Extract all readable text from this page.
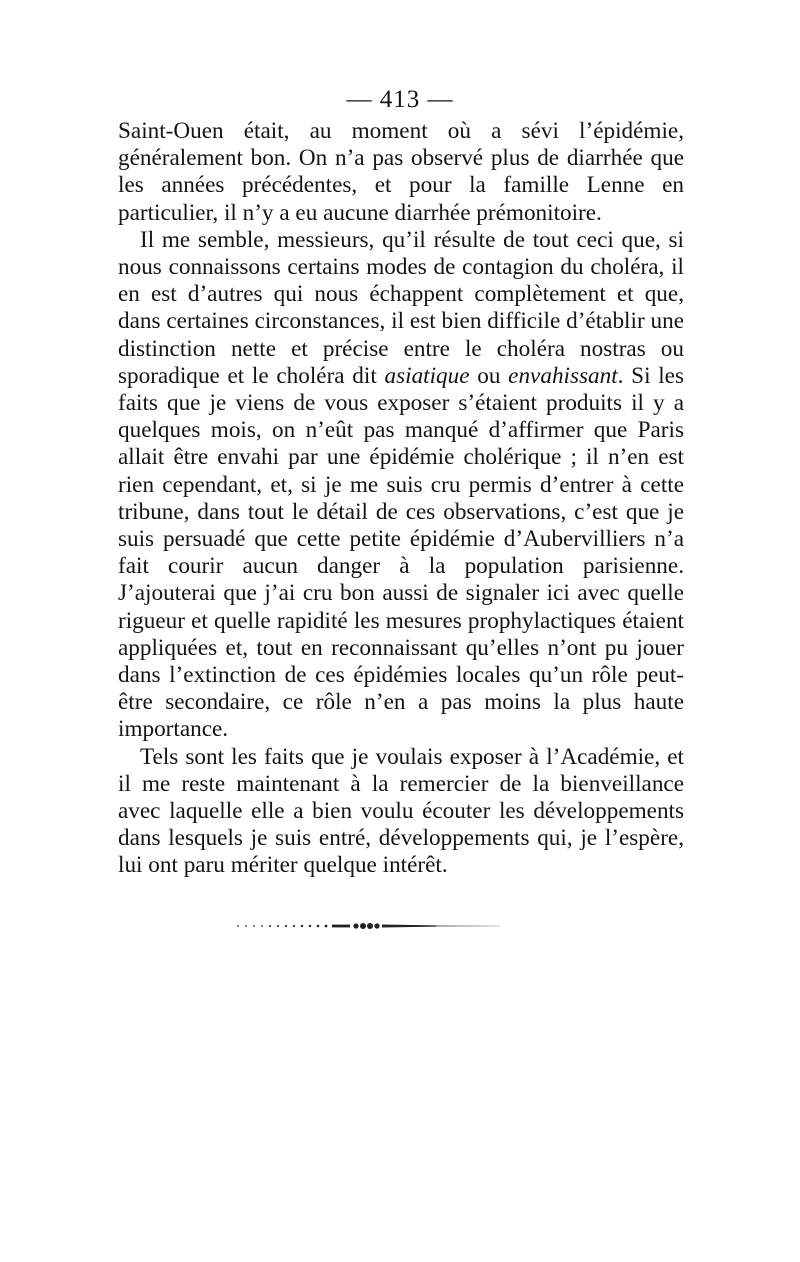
— 413 —

Saint-Ouen était, au moment où a sévi l’épidémie, généralement bon. On n’a pas observé plus de diarrhée que les années précédentes, et pour la famille Lenne en particulier, il n’y a eu aucune diarrhée prémonitoire.

Il me semble, messieurs, qu’il résulte de tout ceci que, si nous connaissons certains modes de contagion du choléra, il en est d’autres qui nous échappent complètement et que, dans certaines circonstances, il est bien difficile d’établir une distinction nette et précise entre le choléra nostras ou sporadique et le choléra dit asiatique ou envahissant. Si les faits que je viens de vous exposer s’étaient produits il y a quelques mois, on n’eût pas manqué d’affirmer que Paris allait être envahi par une épidémie cholérique ; il n’en est rien cependant, et, si je me suis cru permis d’entrer à cette tribune, dans tout le détail de ces observations, c’est que je suis persuadé que cette petite épidémie d’Aubervilliers n’a fait courir aucun danger à la population parisienne. J’ajouterai que j’ai cru bon aussi de signaler ici avec quelle rigueur et quelle rapidité les mesures prophylactiques étaient appliquées et, tout en reconnaissant qu’elles n’ont pu jouer dans l’extinction de ces épidémies locales qu’un rôle peut-être secondaire, ce rôle n’en a pas moins la plus haute importance.

Tels sont les faits que je voulais exposer à l’Académie, et il me reste maintenant à la remercier de la bienveillance avec laquelle elle a bien voulu écouter les développements dans lesquels je suis entré, développements qui, je l’espère, lui ont paru mériter quelque intérêt.
